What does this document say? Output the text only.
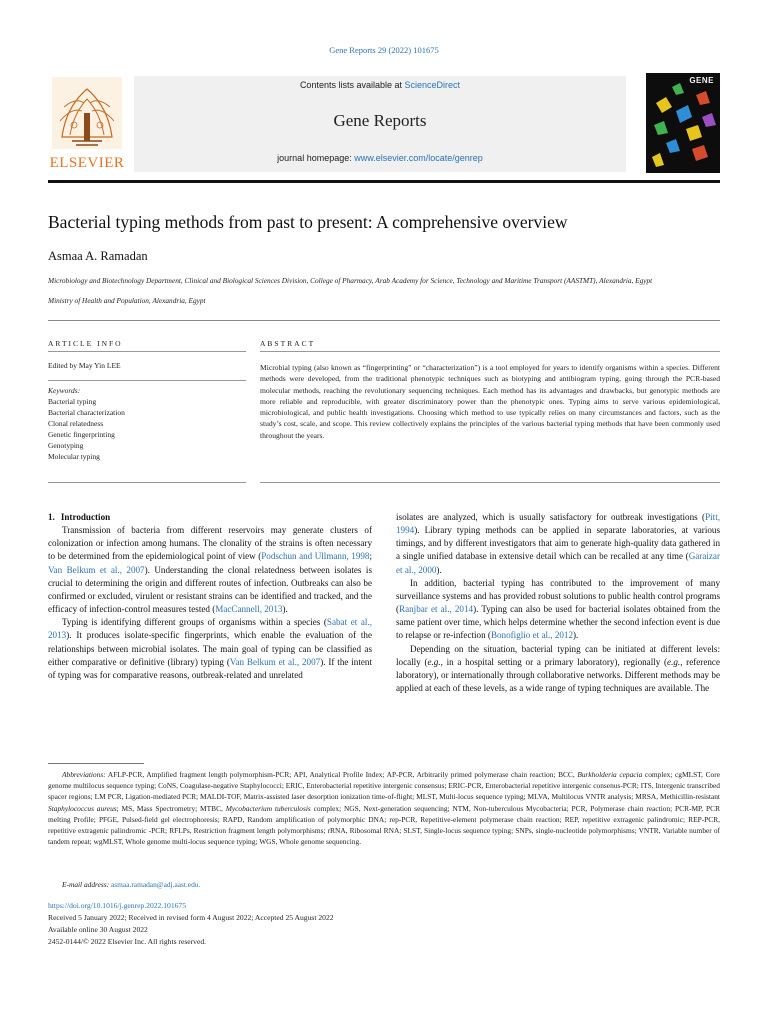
Gene Reports 29 (2022) 101675
ELSEVIER
Contents lists available at ScienceDirect
Gene Reports
journal homepage: www.elsevier.com/locate/genrep
GENE
Bacterial typing methods from past to present: A comprehensive overview
Asmaa A. Ramadan
Microbiology and Biotechnology Department, Clinical and Biological Sciences Division, College of Pharmacy, Arab Academy for Science, Technology and Maritime Transport (AASTMT), Alexandria, Egypt
Ministry of Health and Population, Alexandria, Egypt
ARTICLE INFO	ABSTRACT
Edited by May Yin LEE
Keywords:
Bacterial typing
Bacterial characterization
Clonal relatedness
Genetic fingerprinting
Genotyping
Molecular typing

Microbial typing (also known as “fingerprinting” or “characterization”) is a tool employed for years to identify organisms within a species. Different methods were developed, from the traditional phenotypic techniques such as biotyping and antibiogram typing, going through the PCR-based molecular methods, reaching the revolutionary sequencing techniques. Each method has its advantages and drawbacks, but genotypic methods are more reliable and reproducible, with greater discriminatory power than the phenotypic ones. Typing aims to serve various epidemiological, microbiological, and public health investigations. Choosing which method to use typically relies on many circumstances and factors, such as the study’s cost, scale, and scope. This review collectively explains the principles of the various bacterial typing methods that have been commonly used throughout the years.

1. Introduction

Transmission of bacteria from different reservoirs may generate clusters of colonization or infection among humans. The clonality of the strains is often necessary to be determined from the epidemiological point of view (Podschun and Ullmann, 1998; Van Belkum et al., 2007). Understanding the clonal relatedness between isolates is crucial to determining the origin and different routes of infection. Outbreaks can also be confirmed or excluded, virulent or resistant strains can be identified and tracked, and the efficacy of infection-control measures tested (MacCannell, 2013).

Typing is identifying different groups of organisms within a species (Sabat et al., 2013). It produces isolate-specific fingerprints, which enable the evaluation of the relationships between microbial isolates. The main goal of typing can be classified as either comparative or definitive (library) typing (Van Belkum et al., 2007). If the intent of typing was for comparative reasons, outbreak-related and unrelated

isolates are analyzed, which is usually satisfactory for outbreak investigations (Pitt, 1994). Library typing methods can be applied in separate laboratories, at various timings, and by different investigators that aim to generate high-quality data gathered in a single unified database in extensive detail which can be recalled at any time (Garaizar et al., 2000).

In addition, bacterial typing has contributed to the improvement of many surveillance systems and has provided robust solutions to public health control programs (Ranjbar et al., 2014). Typing can also be used for bacterial isolates obtained from the same patient over time, which helps determine whether the second infection event is due to relapse or re-infection (Bonofiglio et al., 2012).

Depending on the situation, bacterial typing can be initiated at different levels: locally (e.g., in a hospital setting or a primary laboratory), regionally (e.g., reference laboratory), or internationally through collaborative networks. Different methods may be applied at each of these levels, as a wide range of typing techniques are available. The

Abbreviations: AFLP-PCR, Amplified fragment length polymorphism-PCR; API, Analytical Profile Index; AP-PCR, Arbitrarily primed polymerase chain reaction; BCC, Burkholderia cepacia complex; cgMLST, Core genome multilocus sequence typing; CoNS, Coagulase-negative Staphylococci; ERIC, Enterobacterial repetitive intergenic consensus; ERIC-PCR, Enterobacterial repetitive intergenic consenus-PCR; ITS, Intergenic transcribed spacer regions; LM PCR, Ligation-mediated PCR; MALDI-TOF, Matrix-assisted laser desorption ionization time-of-flight; MLST, Multi-locus sequence typing; MLVA, Multilocus VNTR analysis; MRSA, Methicillin-resistant Staphylococcus aureus; MS, Mass Spectrometry; MTBC, Mycobacterium tuberculosis complex; NGS, Next-generation sequencing; NTM, Non-tuberculous Mycobacteria; PCR, Polymerase chain reaction; PCR-MP, PCR melting Profile; PFGE, Pulsed-field gel electrophoresis; RAPD, Random amplification of polymorphic DNA; rep-PCR, Repetitive-element polymerase chain reaction; REP, repetitive extragenic palindromic; REP-PCR, repetitive extragenic palindromic -PCR; RFLPs, Restriction fragment length polymorphisms; rRNA, Ribosomal RNA; SLST, Single-locus sequence typing; SNPs, single-nucleotide polymorphisms; VNTR, Variable number of tandem repeat; wgMLST, Whole genome multi-locus sequence typing; WGS, Whole genome sequencing.

E-mail address: asmaa.ramadan@adj.aast.edu.
https://doi.org/10.1016/j.genrep.2022.101675
Received 5 January 2022; Received in revised form 4 August 2022; Accepted 25 August 2022
Available online 30 August 2022
2452-0144/© 2022 Elsevier Inc. All rights reserved.
